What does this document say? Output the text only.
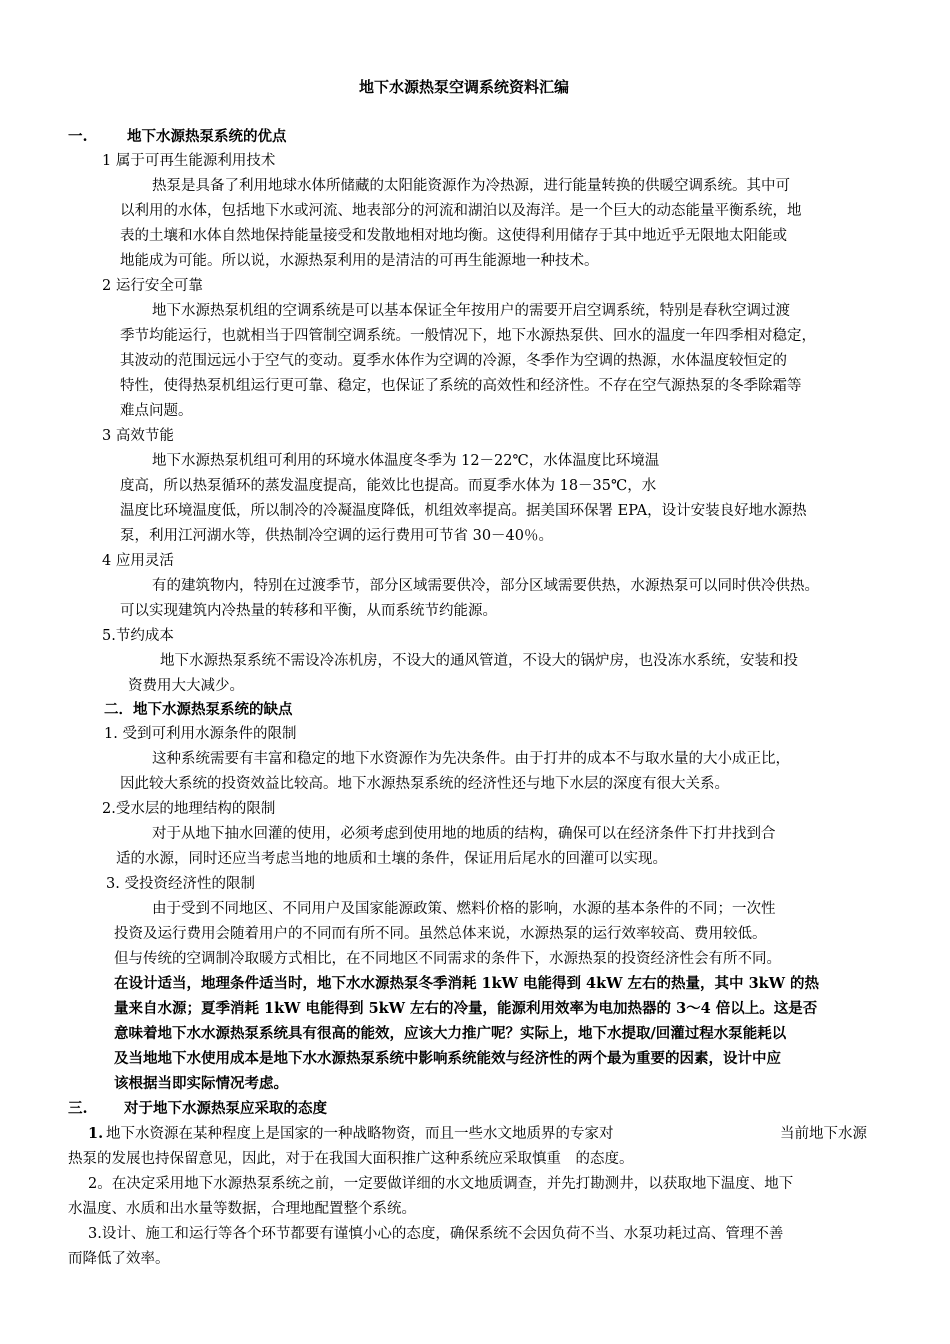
地下水源热泵空调系统资料汇编
一.	地下水源热泵系统的优点
1 属于可再生能源利用技术
热泵是具备了利用地球水体所储藏的太阳能资源作为冷热源，进行能量转换的供暖空调系统。其中可
以利用的水体，包括地下水或河流、地表部分的河流和湖泊以及海洋。是一个巨大的动态能量平衡系统，地
表的土壤和水体自然地保持能量接受和发散地相对地均衡。这使得利用储存于其中地近乎无限地太阳能或
地能成为可能。所以说，水源热泵利用的是清洁的可再生能源地一种技术。
2 运行安全可靠
地下水源热泵机组的空调系统是可以基本保证全年按用户的需要开启空调系统，特别是春秋空调过渡
季节均能运行，也就相当于四管制空调系统。一般情况下，地下水源热泵供、回水的温度一年四季相对稳定，
其波动的范围远远小于空气的变动。夏季水体作为空调的冷源，冬季作为空调的热源，水体温度较恒定的
特性，使得热泵机组运行更可靠、稳定，也保证了系统的高效性和经济性。不存在空气源热泵的冬季除霜等
难点问题。
3 高效节能
地下水源热泵机组可利用的环境水体温度冬季为 12－22℃，水体温度比环境温
度高，所以热泵循环的蒸发温度提高，能效比也提高。而夏季水体为 18－35℃，水
温度比环境温度低，所以制冷的冷凝温度降低，机组效率提高。据美国环保署 EPA，设计安装良好地水源热
泵，利用江河湖水等，供热制冷空调的运行费用可节省 30－40％。
4 应用灵活
有的建筑物内，特别在过渡季节，部分区域需要供冷，部分区域需要供热，水源热泵可以同时供冷供热。
可以实现建筑内冷热量的转移和平衡，从而系统节约能源。
5.节约成本
地下水源热泵系统不需设冷冻机房，不设大的通风管道，不设大的锅炉房，也没冻水系统，安装和投
资费用大大减少。
二．地下水源热泵系统的缺点
1. 受到可利用水源条件的限制
这种系统需要有丰富和稳定的地下水资源作为先决条件。由于打井的成本不与取水量的大小成正比，
因此较大系统的投资效益比较高。地下水源热泵系统的经济性还与地下水层的深度有很大关系。
2.受水层的地理结构的限制
对于从地下抽水回灌的使用，必须考虑到使用地的地质的结构，确保可以在经济条件下打井找到合
适的水源，同时还应当考虑当地的地质和土壤的条件，保证用后尾水的回灌可以实现。
3. 受投资经济性的限制
由于受到不同地区、不同用户及国家能源政策、燃料价格的影响，水源的基本条件的不同；一次性
投资及运行费用会随着用户的不同而有所不同。虽然总体来说，水源热泵的运行效率较高、费用较低。
但与传统的空调制冷取暖方式相比，在不同地区不同需求的条件下，水源热泵的投资经济性会有所不同。
在设计适当，地理条件适当时，地下水水源热泵冬季消耗 1kW 电能得到 4kW 左右的热量，其中 3kW 的热
量来自水源；夏季消耗 1kW 电能得到 5kW 左右的冷量，能源利用效率为电加热器的 3～4 倍以上。这是否
意味着地下水水源热泵系统具有很高的能效，应该大力推广呢？实际上，地下水提取/回灌过程水泵能耗以
及当地地下水使用成本是地下水水源热泵系统中影响系统能效与经济性的两个最为重要的因素，设计中应
该根据当即实际情况考虑。
三.	对于地下水源热泵应采取的态度
1. 地下水资源在某种程度上是国家的一种战略物资，而且一些水文地质界的专家对	当前地下水源
热泵的发展也持保留意见，因此，对于在我国大面积推广这种系统应采取慎重　的态度。
2。在决定采用地下水源热泵系统之前，一定要做详细的水文地质调查，并先打勘测井，以获取地下温度、地下
水温度、水质和出水量等数据，合理地配置整个系统。
3.设计、施工和运行等各个环节都要有谨慎小心的态度，确保系统不会因负荷不当、水泵功耗过高、管理不善
而降低了效率。
